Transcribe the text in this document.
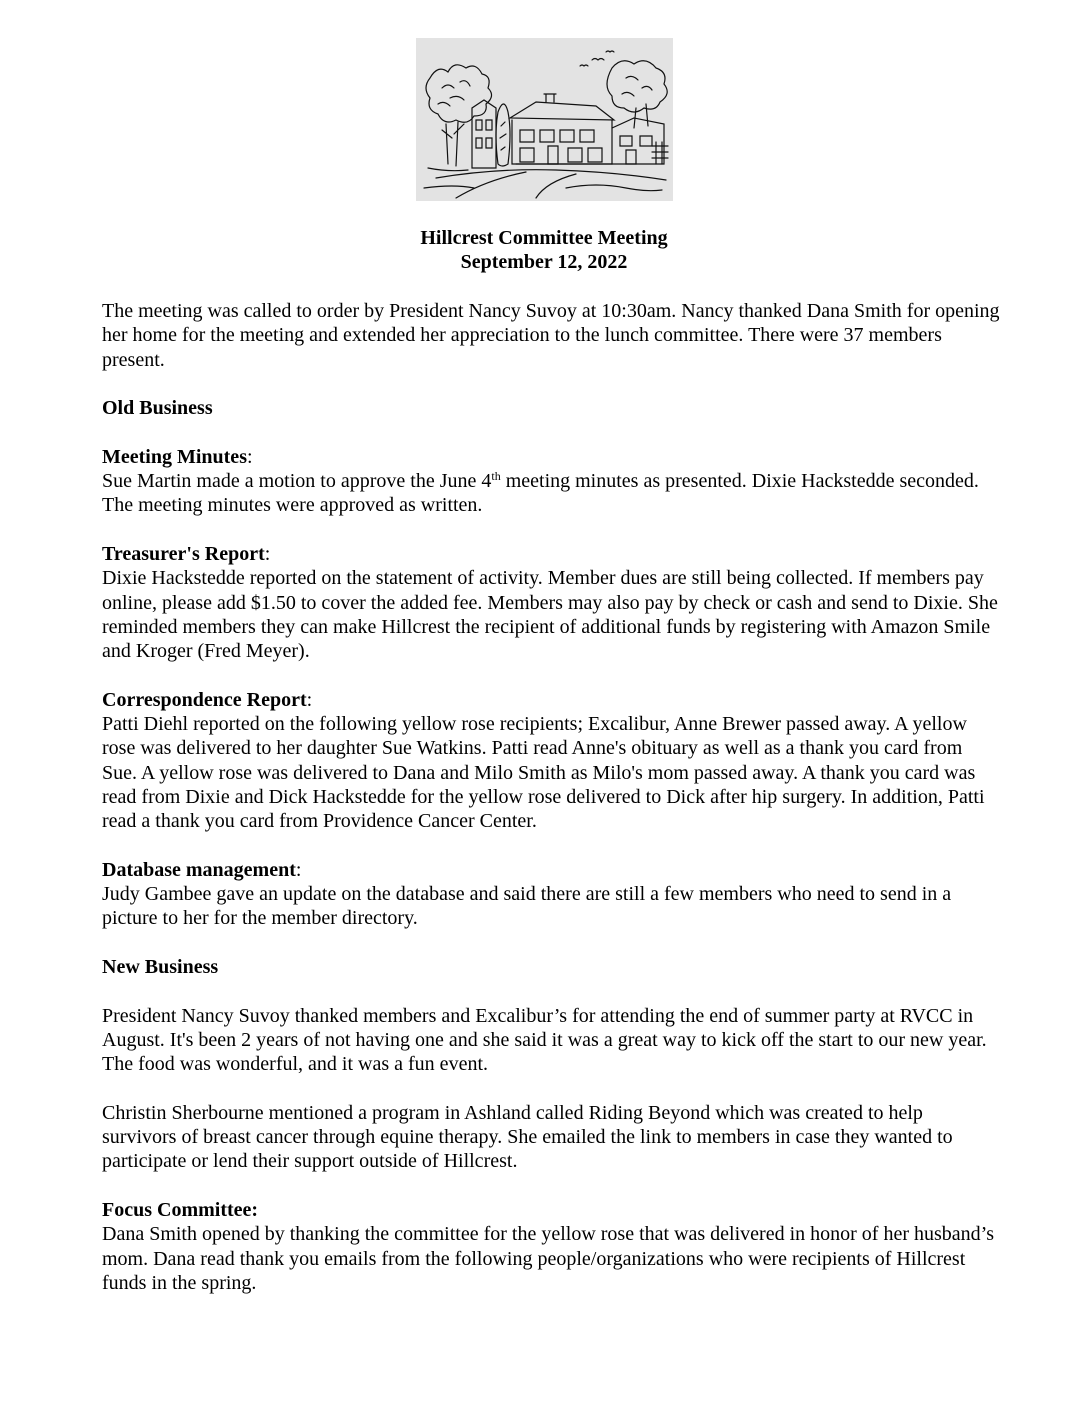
Hillcrest Committee Meeting
September 12, 2022

The meeting was called to order by President Nancy Suvoy at 10:30am. Nancy thanked Dana Smith for opening her home for the meeting and extended her appreciation to the lunch committee. There were 37 members present.

Old Business

Meeting Minutes:

Sue Martin made a motion to approve the June 4th meeting minutes as presented. Dixie Hackstedde seconded. The meeting minutes were approved as written.

Treasurer's Report:

Dixie Hackstedde reported on the statement of activity. Member dues are still being collected. If members pay online, please add $1.50 to cover the added fee. Members may also pay by check or cash and send to Dixie. She reminded members they can make Hillcrest the recipient of additional funds by registering with Amazon Smile and Kroger (Fred Meyer).

Correspondence Report:

Patti Diehl reported on the following yellow rose recipients; Excalibur, Anne Brewer passed away. A yellow rose was delivered to her daughter Sue Watkins. Patti read Anne's obituary as well as a thank you card from Sue. A yellow rose was delivered to Dana and Milo Smith as Milo's mom passed away. A thank you card was read from Dixie and Dick Hackstedde for the yellow rose delivered to Dick after hip surgery. In addition, Patti read a thank you card from Providence Cancer Center.

Database management:

Judy Gambee gave an update on the database and said there are still a few members who need to send in a picture to her for the member directory.

New Business

President Nancy Suvoy thanked members and Excalibur’s for attending the end of summer party at RVCC in August. It's been 2 years of not having one and she said it was a great way to kick off the start to our new year. The food was wonderful, and it was a fun event.

Christin Sherbourne mentioned a program in Ashland called Riding Beyond which was created to help survivors of breast cancer through equine therapy. She emailed the link to members in case they wanted to participate or lend their support outside of Hillcrest.

Focus Committee:

Dana Smith opened by thanking the committee for the yellow rose that was delivered in honor of her husband’s mom. Dana read thank you emails from the following people/organizations who were recipients of Hillcrest funds in the spring.
